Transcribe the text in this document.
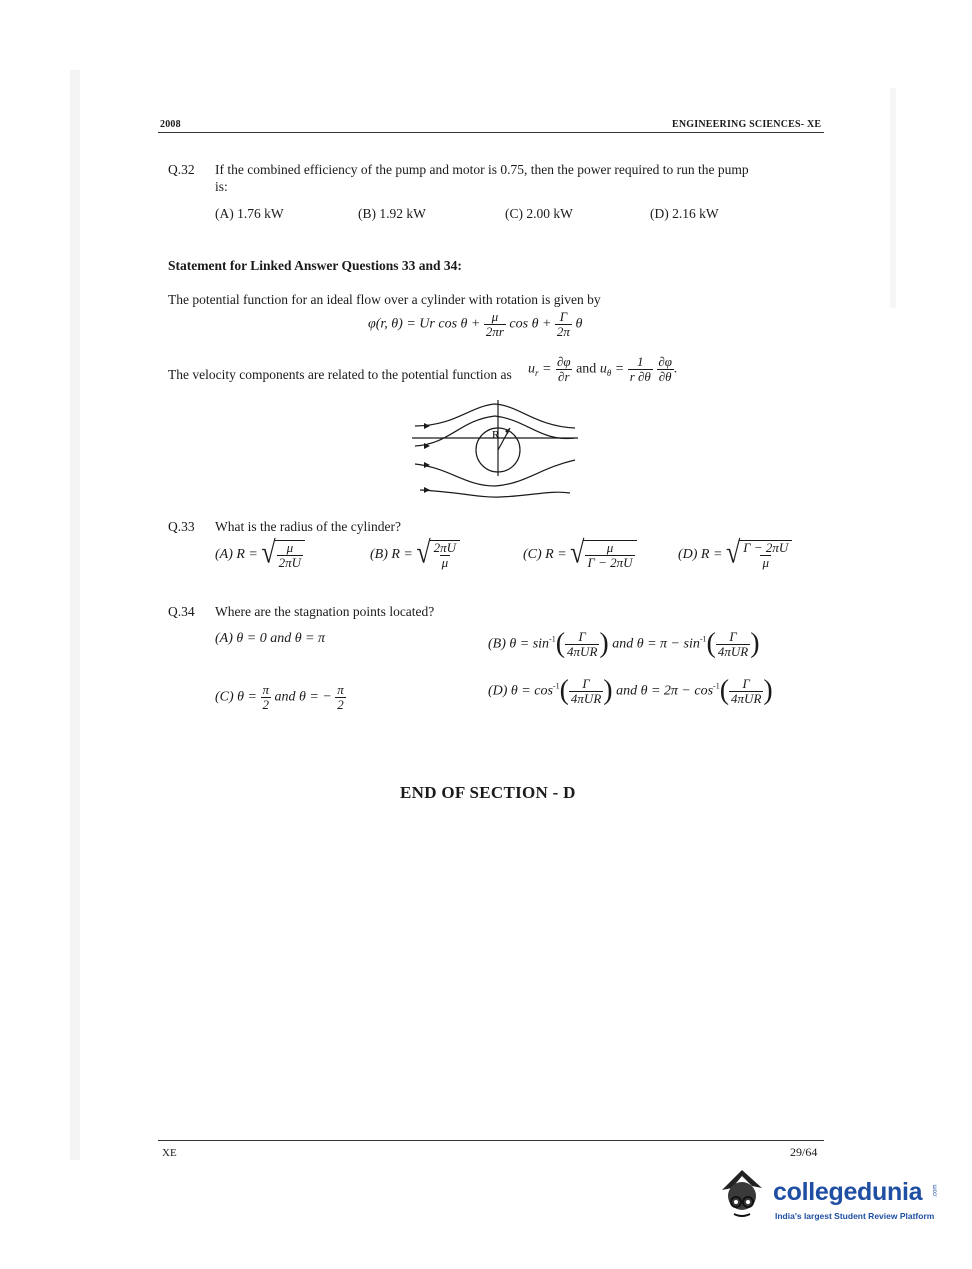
2008	ENGINEERING SCIENCES- XE
Q.32 If the combined efficiency of the pump and motor is 0.75, then the power required to run the pump
is:
(A) 1.76 kW	(B) 1.92 kW	(C) 2.00 kW	(D) 2.16 kW
Statement for Linked Answer Questions 33 and 34:
The potential function for an ideal flow over a cylinder with rotation is given by
φ(r, θ) = Ur $\cos \theta + \frac{\mu}{2\pi r}$ $\cos \theta + \frac{\Gamma}{2\pi}$ θ
The velocity components are related to the potential function as $u_r = \frac{\partial\varphi}{\partial r}$ and $u_\theta = \frac{1}{r \partial\theta}$
$\frac{\partial\varphi}{\partial\theta}$ .
R
Q.33 What is the radius of the cylinder?
(A) R = √ $\frac{\mu}{2\pi U}$	(B) R = √ $\frac{2\pi U}{\mu}$	(C) R = √ $\frac{\mu}{\Gamma - 2\pi U}$	(D) R = √ $\frac{\Gamma - 2\pi U}{\mu}$
Q.34 Where are the stagnation points located?
(A) θ = 0 and θ = π	(B) $\theta = \sin^{-1}( \frac{\Gamma}{\text{4πUR}}$ ) and $\theta = \pi - \sin^{-1}( \frac{\Gamma}{\text{4πUR}}$ )
(C) $\theta = \frac{\pi}{2}$ and θ = − $\frac{\pi}{2}$	(D) $\theta = \cos^{-1}( \frac{\Gamma}{\text{4πUR}}$ ) and $\theta = 2\pi - \cos^{-1}( \frac{\Gamma}{\text{4πUR}}$ )
END OF SECTION - D
XE	29/64
collegedunia .com
India's largest Student Review Platform
